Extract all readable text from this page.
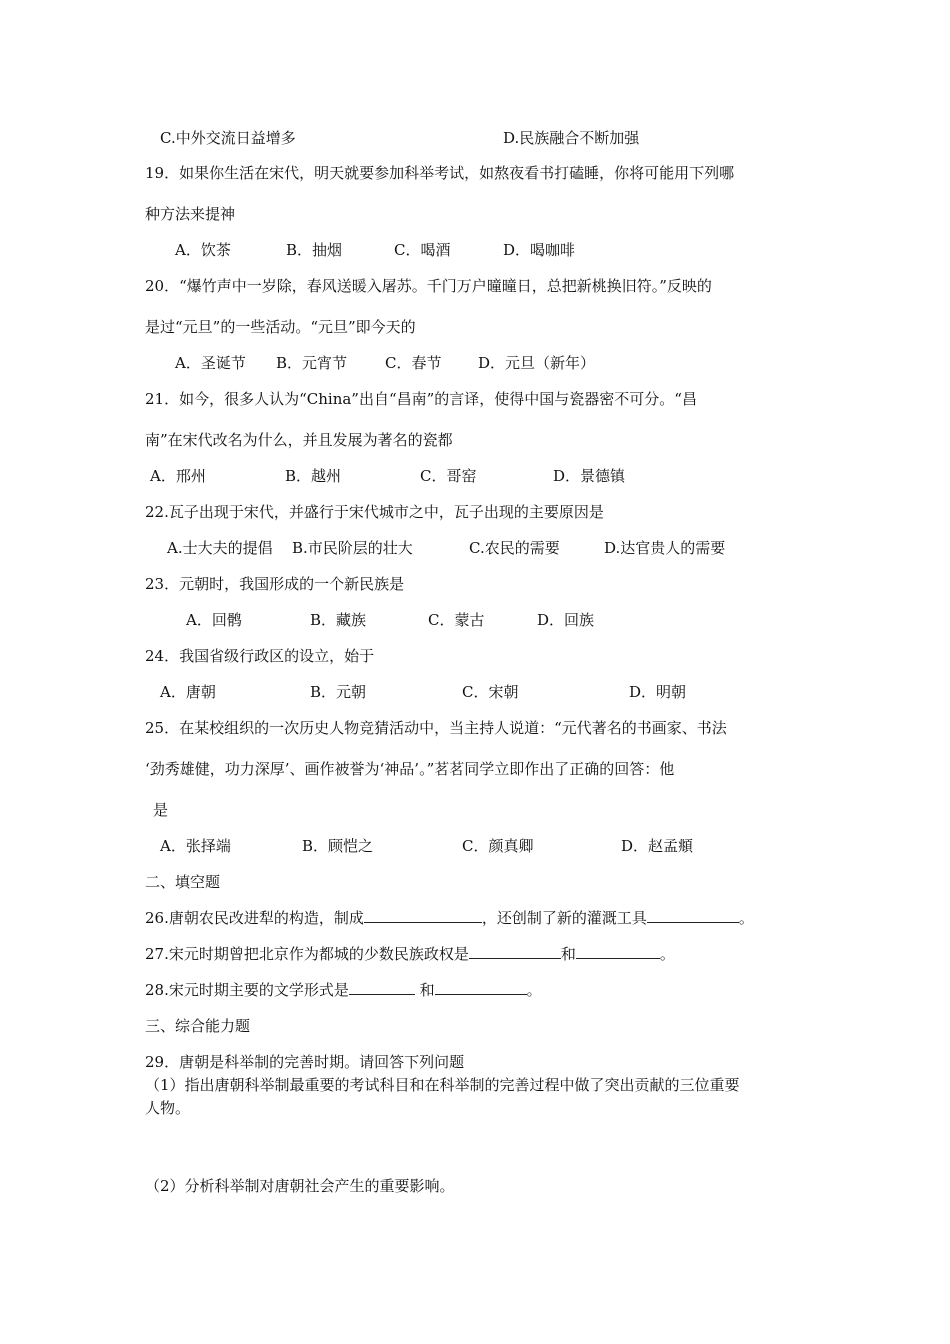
C.中外交流日益增多	D.民族融合不断加强
19．如果你生活在宋代，明天就要参加科举考试，如熬夜看书打磕睡，你将可能用下列哪
种方法来提神
A．饮茶	B．抽烟	C．喝酒	D．喝咖啡
20．“爆竹声中一岁除，春风送暖入屠苏。千门万户曈曈日，总把新桃换旧符。”反映的
是过“元旦”的一些活动。“元旦”即今天的
A．圣诞节 B．元宵节	C．春节 D．元旦（新年）
21．如今，很多人认为“China”出自“昌南”的言译，使得中国与瓷器密不可分。“昌
南”在宋代改名为什么，并且发展为著名的瓷都
A．邢州	B．越州	C．哥窑	D．景德镇
22.瓦子出现于宋代，并盛行于宋代城市之中，瓦子出现的主要原因是
A.士大夫的提倡 B.市民阶层的壮大	C.农民的需要	D.达官贵人的需要
23．元朝时，我国形成的一个新民族是
A．回鹘	B．藏族	C．蒙古	D．回族
24．我国省级行政区的设立，始于
A．唐朝	B．元朝	C．宋朝	D．明朝
25．在某校组织的一次历史人物竞猜活动中，当主持人说道：“元代著名的书画家、书法
‘劲秀雄健，功力深厚’、画作被誉为‘神品’。”茗茗同学立即作出了正确的回答：他
是
A．张择端	B．顾恺之	C．颜真卿	D．赵孟頫
二、填空题
26.唐朝农民改进犁的构造，制成	，还创制了新的灌溉工具	。
27.宋元时期曾把北京作为都城的少数民族政权是	和	。
28.宋元时期主要的文学形式是	和	。
三、综合能力题
29．唐朝是科举制的完善时期。请回答下列问题
（1）指出唐朝科举制最重要的考试科目和在科举制的完善过程中做了突出贡献的三位重要
人物。
（2）分析科举制对唐朝社会产生的重要影响。
